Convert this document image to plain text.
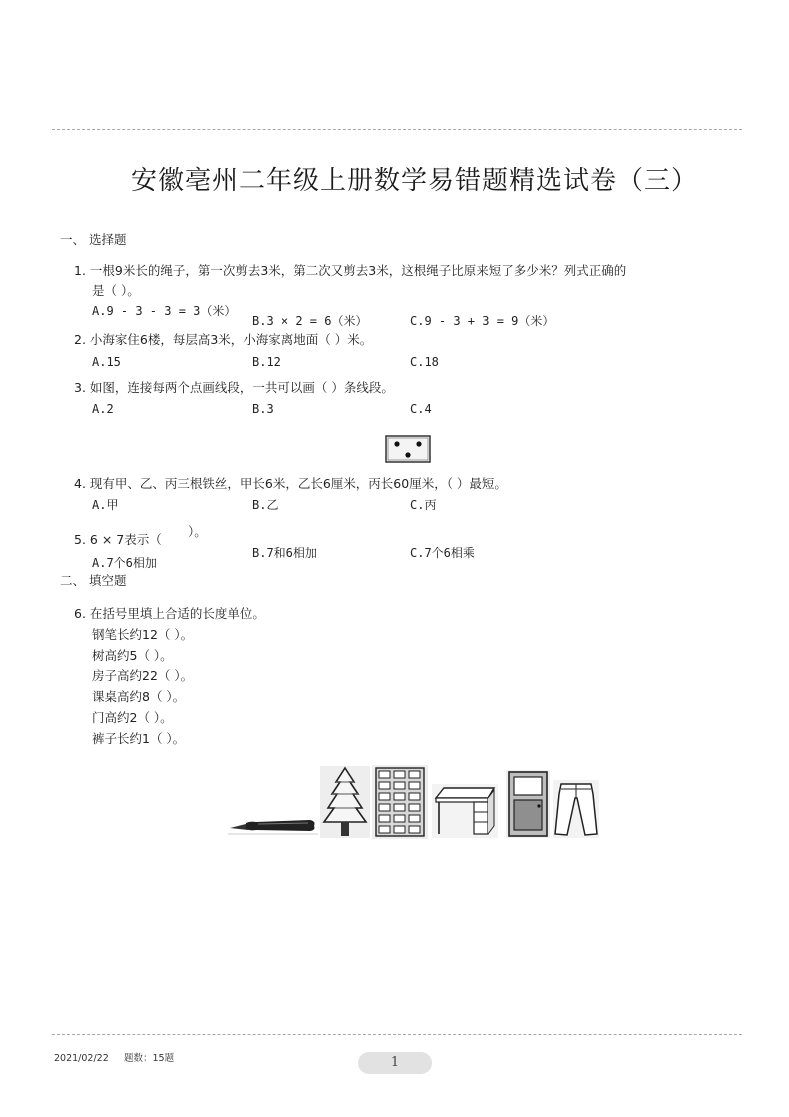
安徽亳州二年级上册数学易错题精选试卷（三）
一、 选择题
1. 一根9米长的绳子，第一次剪去3米，第二次又剪去3米，这根绳子比原来短了多少米？列式正确的
是（ ）。
A.9 - 3 - 3 = 3（米）
B.3 × 2 = 6（米）	C.9 - 3 + 3 = 9（米）
2. 小海家住6楼，每层高3米，小海家离地面（ ）米。
A.15	B.12	C.18
3. 如图，连接每两个点画线段，一共可以画（ ）条线段。
A.2	B.3	C.4
4. 现有甲、乙、丙三根铁丝，甲长6米，乙长6厘米，丙长60厘米，（ ）最短。
A.甲	B.乙	C.丙
5. 6 × 7表示（
）。
A.7个6相加
B.7和6相加	C.7个6相乘
二、 填空题
6. 在括号里填上合适的长度单位。
钢笔长约12（ ）。
树高约5（ ）。
房子高约22（ ）。
课桌高约8（ ）。
门高约2（ ）。
裤子长约1（ ）。
2021/02/22 题数：15题	1
